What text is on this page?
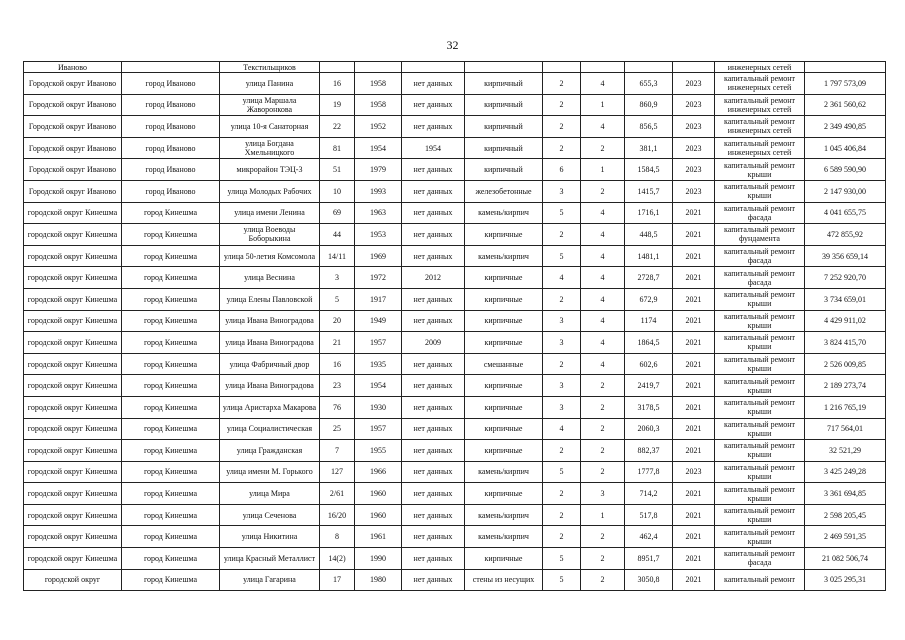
32
Иваново		Текстильщиков									инженерных сетей	
Городской округ Иваново	город Иваново	улица Панина	16	1958	нет данных	кирпичный	2	4	655,3	2023	капитальный ремонт инженерных сетей	1 797 573,09
Городской округ Иваново	город Иваново	улица Маршала Жаворонкова	19	1958	нет данных	кирпичный	2	1	860,9	2023	капитальный ремонт инженерных сетей	2 361 560,62
Городской округ Иваново	город Иваново	улица 10-я Санаторная	22	1952	нет данных	кирпичный	2	4	856,5	2023	капитальный ремонт инженерных сетей	2 349 490,85
Городской округ Иваново	город Иваново	улица Богдана Хмельницкого	81	1954	1954	кирпичный	2	2	381,1	2023	капитальный ремонт инженерных сетей	1 045 406,84
Городской округ Иваново	город Иваново	микрорайон ТЭЦ-3	51	1979	нет данных	кирпичный	6	1	1584,5	2023	капитальный ремонт крыши	6 589 590,90
Городской округ Иваново	город Иваново	улица Молодых Рабочих	10	1993	нет данных	железобетонные	3	2	1415,7	2023	капитальный ремонт крыши	2 147 930,00
городской округ Кинешма	город Кинешма	улица имени Ленина	69	1963	нет данных	камень/кирпич	5	4	1716,1	2021	капитальный ремонт фасада	4 041 655,75
городской округ Кинешма	город Кинешма	улица Воеводы Боборыкина	44	1953	нет данных	кирпичные	2	4	448,5	2021	капитальный ремонт фундамента	472 855,92
городской округ Кинешма	город Кинешма	улица 50-летия Комсомола	14/11	1969	нет данных	камень/кирпич	5	4	1481,1	2021	капитальный ремонт фасада	39 356 659,14
городской округ Кинешма	город Кинешма	улица Веснина	3	1972	2012	кирпичные	4	4	2728,7	2021	капитальный ремонт фасада	7 252 920,70
городской округ Кинешма	город Кинешма	улица Елены Павловской	5	1917	нет данных	кирпичные	2	4	672,9	2021	капитальный ремонт крыши	3 734 659,01
городской округ Кинешма	город Кинешма	улица Ивана Виноградова	20	1949	нет данных	кирпичные	3	4	1174	2021	капитальный ремонт крыши	4 429 911,02
городской округ Кинешма	город Кинешма	улица Ивана Виноградова	21	1957	2009	кирпичные	3	4	1864,5	2021	капитальный ремонт крыши	3 824 415,70
городской округ Кинешма	город Кинешма	улица Фабричный двор	16	1935	нет данных	смешанные	2	4	602,6	2021	капитальный ремонт крыши	2 526 009,85
городской округ Кинешма	город Кинешма	улица Ивана Виноградова	23	1954	нет данных	кирпичные	3	2	2419,7	2021	капитальный ремонт крыши	2 189 273,74
городской округ Кинешма	город Кинешма	улица Аристарха Макарова	76	1930	нет данных	кирпичные	3	2	3178,5	2021	капитальный ремонт крыши	1 216 765,19
городской округ Кинешма	город Кинешма	улица Социалистическая	25	1957	нет данных	кирпичные	4	2	2060,3	2021	капитальный ремонт крыши	717 564,01
городской округ Кинешма	город Кинешма	улица Гражданская	7	1955	нет данных	кирпичные	2	2	882,37	2021	капитальный ремонт крыши	32 521,29
городской округ Кинешма	город Кинешма	улица имени М. Горького	127	1966	нет данных	камень/кирпич	5	2	1777,8	2023	капитальный ремонт крыши	3 425 249,28
городской округ Кинешма	город Кинешма	улица Мира	2/61	1960	нет данных	кирпичные	2	3	714,2	2021	капитальный ремонт крыши	3 361 694,85
городской округ Кинешма	город Кинешма	улица Сеченова	16/20	1960	нет данных	камень/кирпич	2	1	517,8	2021	капитальный ремонт крыши	2 598 205,45
городской округ Кинешма	город Кинешма	улица Никитина	8	1961	нет данных	камень/кирпич	2	2	462,4	2021	капитальный ремонт крыши	2 469 591,35
городской округ Кинешма	город Кинешма	улица Красный Металлист	14(2)	1990	нет данных	кирпичные	5	2	8951,7	2021	капитальный ремонт фасада	21 082 506,74
городской округ	город Кинешма	улица Гагарина	17	1980	нет данных	стены из несущих	5	2	3050,8	2021	капитальный ремонт	3 025 295,31
